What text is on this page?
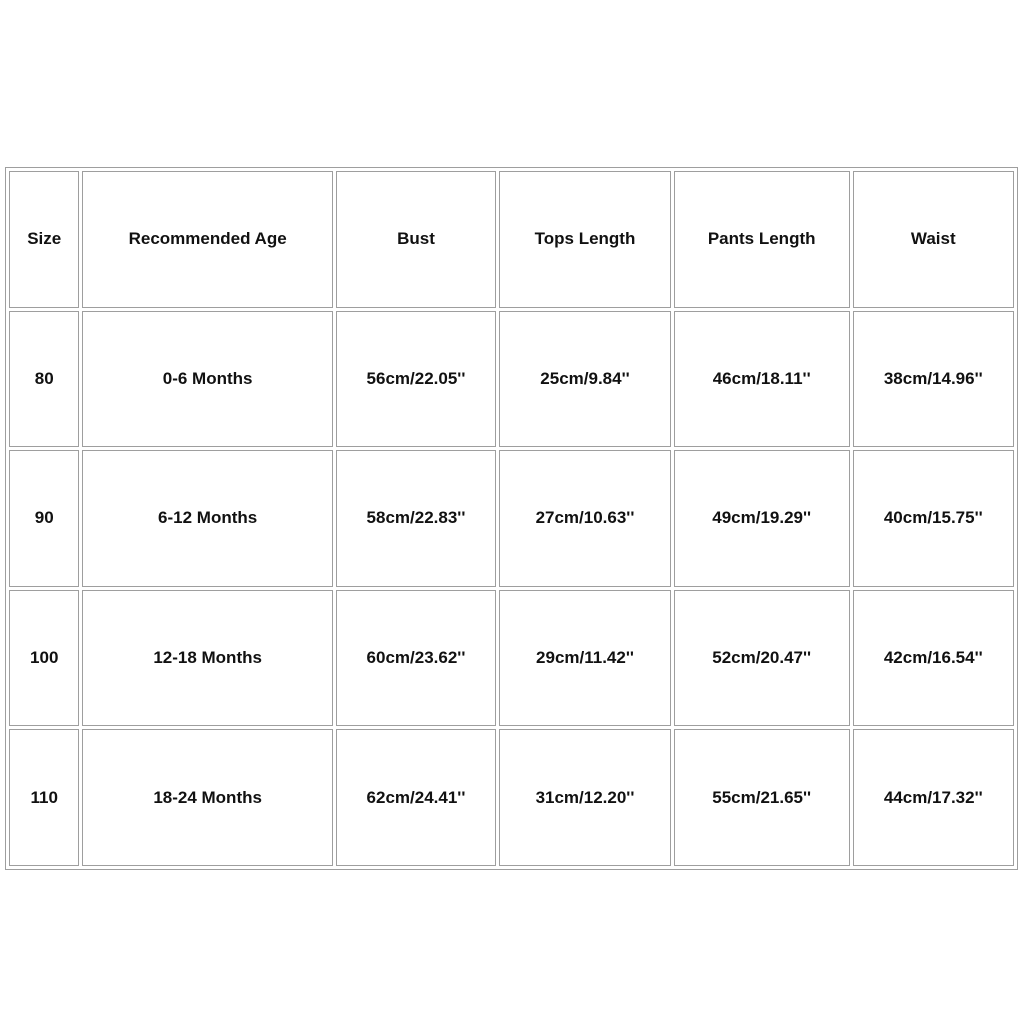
Size	Recommended Age	Bust	Tops Length	Pants Length	Waist
80	0-6 Months	56cm/22.05''	25cm/9.84''	46cm/18.11''	38cm/14.96''
90	6-12 Months	58cm/22.83''	27cm/10.63''	49cm/19.29''	40cm/15.75''
100	12-18 Months	60cm/23.62''	29cm/11.42''	52cm/20.47''	42cm/16.54''
110	18-24 Months	62cm/24.41''	31cm/12.20''	55cm/21.65''	44cm/17.32''
